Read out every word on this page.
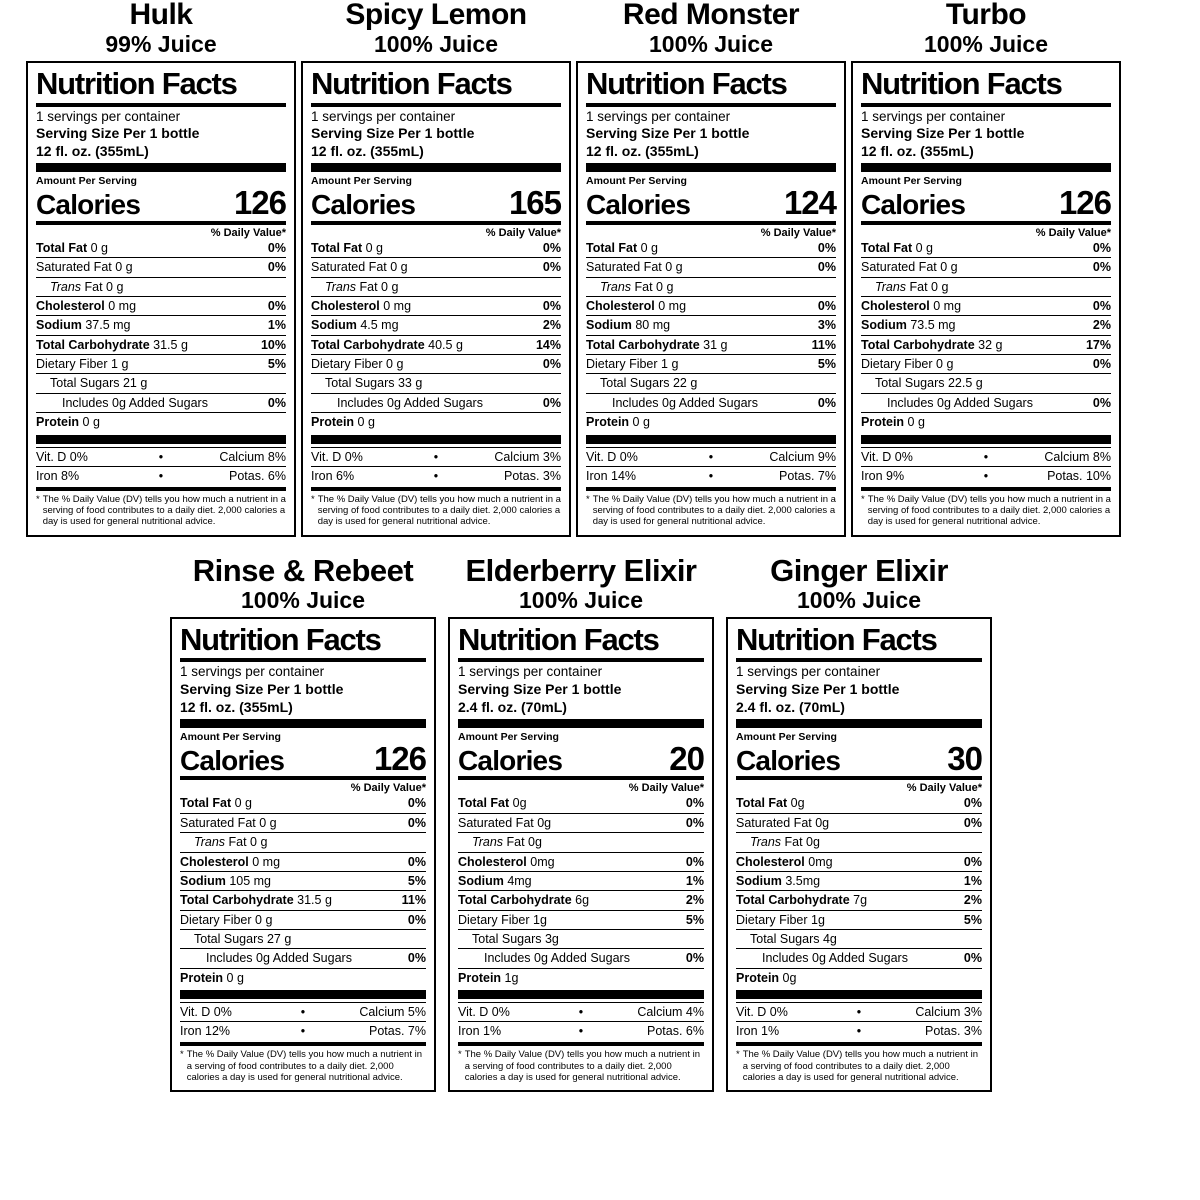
Hulk
99% Juice
Nutrition Facts
1 servings per container
Serving Size Per 1 bottle
12 fl. oz. (355mL)
Amount Per Serving
Calories	126
% Daily Value*
Total Fat 0 g	0%
Saturated Fat 0 g	0%
Trans Fat 0 g
Cholesterol 0 mg	0%
Sodium 37.5 mg	1%
Total Carbohydrate 31.5 g	10%
Dietary Fiber 1 g	5%
Total Sugars 21 g
Includes 0g Added Sugars	0%
Protein 0 g
Vit. D 0%	•	Calcium 8%
Iron 8%	•	Potas. 6%
* The % Daily Value (DV) tells you how much a nutrient in a serving of food contributes to a daily diet. 2,000 calories a day is used for general nutritional advice.
Spicy Lemon
100% Juice
Nutrition Facts
1 servings per container
Serving Size Per 1 bottle
12 fl. oz. (355mL)
Amount Per Serving
Calories	165
% Daily Value*
Total Fat 0 g	0%
Saturated Fat 0 g	0%
Trans Fat 0 g
Cholesterol 0 mg	0%
Sodium 4.5 mg	2%
Total Carbohydrate 40.5 g	14%
Dietary Fiber 0 g	0%
Total Sugars 33 g
Includes 0g Added Sugars	0%
Protein 0 g
Vit. D 0%	•	Calcium 3%
Iron 6%	•	Potas. 3%
* The % Daily Value (DV) tells you how much a nutrient in a serving of food contributes to a daily diet. 2,000 calories a day is used for general nutritional advice.
Red Monster
100% Juice
Nutrition Facts
1 servings per container
Serving Size Per 1 bottle
12 fl. oz. (355mL)
Amount Per Serving
Calories	124
% Daily Value*
Total Fat 0 g	0%
Saturated Fat 0 g	0%
Trans Fat 0 g
Cholesterol 0 mg	0%
Sodium 80 mg	3%
Total Carbohydrate 31 g	11%
Dietary Fiber 1 g	5%
Total Sugars 22 g
Includes 0g Added Sugars	0%
Protein 0 g
Vit. D 0%	•	Calcium 9%
Iron 14%	•	Potas. 7%
* The % Daily Value (DV) tells you how much a nutrient in a serving of food contributes to a daily diet. 2,000 calories a day is used for general nutritional advice.
Turbo
100% Juice
Nutrition Facts
1 servings per container
Serving Size Per 1 bottle
12 fl. oz. (355mL)
Amount Per Serving
Calories	126
% Daily Value*
Total Fat 0 g	0%
Saturated Fat 0 g	0%
Trans Fat 0 g
Cholesterol 0 mg	0%
Sodium 73.5 mg	2%
Total Carbohydrate 32 g	17%
Dietary Fiber 0 g	0%
Total Sugars 22.5 g
Includes 0g Added Sugars	0%
Protein 0 g
Vit. D 0%	•	Calcium 8%
Iron 9%	•	Potas. 10%
* The % Daily Value (DV) tells you how much a nutrient in a serving of food contributes to a daily diet. 2,000 calories a day is used for general nutritional advice.
Rinse & Rebeet
100% Juice
Nutrition Facts
1 servings per container
Serving Size Per 1 bottle
12 fl. oz. (355mL)
Amount Per Serving
Calories	126
% Daily Value*
Total Fat 0 g	0%
Saturated Fat 0 g	0%
Trans Fat 0 g
Cholesterol 0 mg	0%
Sodium 105 mg	5%
Total Carbohydrate 31.5 g	11%
Dietary Fiber 0 g	0%
Total Sugars 27 g
Includes 0g Added Sugars	0%
Protein 0 g
Vit. D 0%	•	Calcium 5%
Iron 12%	•	Potas. 7%
* The % Daily Value (DV) tells you how much a nutrient in a serving of food contributes to a daily diet. 2,000 calories a day is used for general nutritional advice.
Elderberry Elixir
100% Juice
Nutrition Facts
1 servings per container
Serving Size Per 1 bottle
2.4 fl. oz. (70mL)
Amount Per Serving
Calories	20
% Daily Value*
Total Fat 0g	0%
Saturated Fat 0g	0%
Trans Fat 0g
Cholesterol 0mg	0%
Sodium 4mg	1%
Total Carbohydrate 6g	2%
Dietary Fiber 1g	5%
Total Sugars 3g
Includes 0g Added Sugars	0%
Protein 1g
Vit. D 0%	•	Calcium 4%
Iron 1%	•	Potas. 6%
* The % Daily Value (DV) tells you how much a nutrient in a serving of food contributes to a daily diet. 2,000 calories a day is used for general nutritional advice.
Ginger Elixir
100% Juice
Nutrition Facts
1 servings per container
Serving Size Per 1 bottle
2.4 fl. oz. (70mL)
Amount Per Serving
Calories	30
% Daily Value*
Total Fat 0g	0%
Saturated Fat 0g	0%
Trans Fat 0g
Cholesterol 0mg	0%
Sodium 3.5mg	1%
Total Carbohydrate 7g	2%
Dietary Fiber 1g	5%
Total Sugars 4g
Includes 0g Added Sugars	0%
Protein 0g
Vit. D 0%	•	Calcium 3%
Iron 1%	•	Potas. 3%
* The % Daily Value (DV) tells you how much a nutrient in a serving of food contributes to a daily diet. 2,000 calories a day is used for general nutritional advice.
